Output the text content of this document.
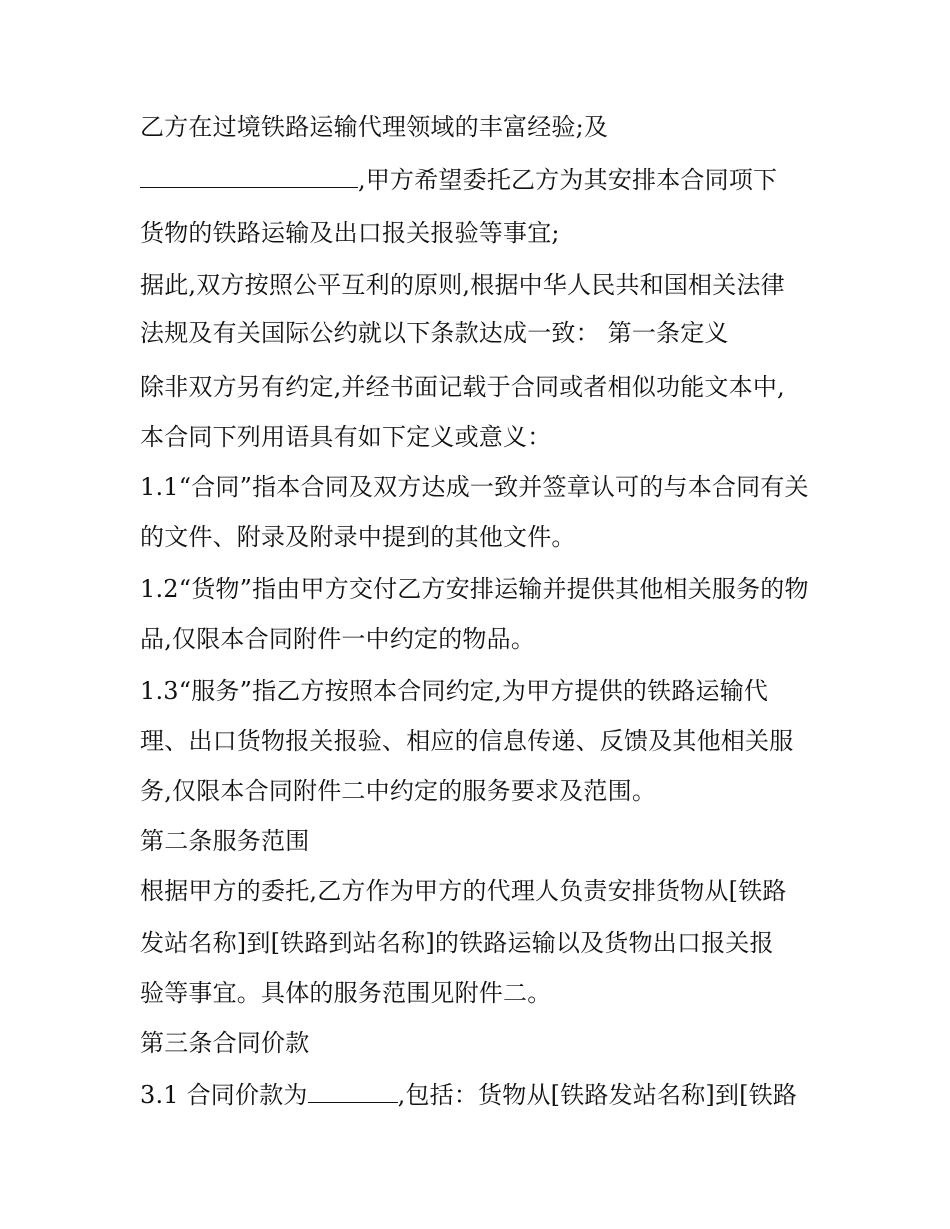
乙方在过境铁路运输代理领域的丰富经验;及
,甲方希望委托乙方为其安排本合同项下
货物的铁路运输及出口报关报验等事宜;
据此,双方按照公平互利的原则,根据中华人民共和国相关法律
法规及有关国际公约就以下条款达成一致： 第一条定义
除非双方另有约定,并经书面记载于合同或者相似功能文本中,
本合同下列用语具有如下定义或意义：
1.1“合同”指本合同及双方达成一致并签章认可的与本合同有关
的文件、附录及附录中提到的其他文件。
1.2“货物”指由甲方交付乙方安排运输并提供其他相关服务的物
品,仅限本合同附件一中约定的物品。
1.3“服务”指乙方按照本合同约定,为甲方提供的铁路运输代
理、出口货物报关报验、相应的信息传递、反馈及其他相关服
务,仅限本合同附件二中约定的服务要求及范围。
第二条服务范围
根据甲方的委托,乙方作为甲方的代理人负责安排货物从[铁路
发站名称]到[铁路到站名称]的铁路运输以及货物出口报关报
验等事宜。具体的服务范围见附件二。
第三条合同价款
3.1 合同价款为	,包括：货物从[铁路发站名称]到[铁路
